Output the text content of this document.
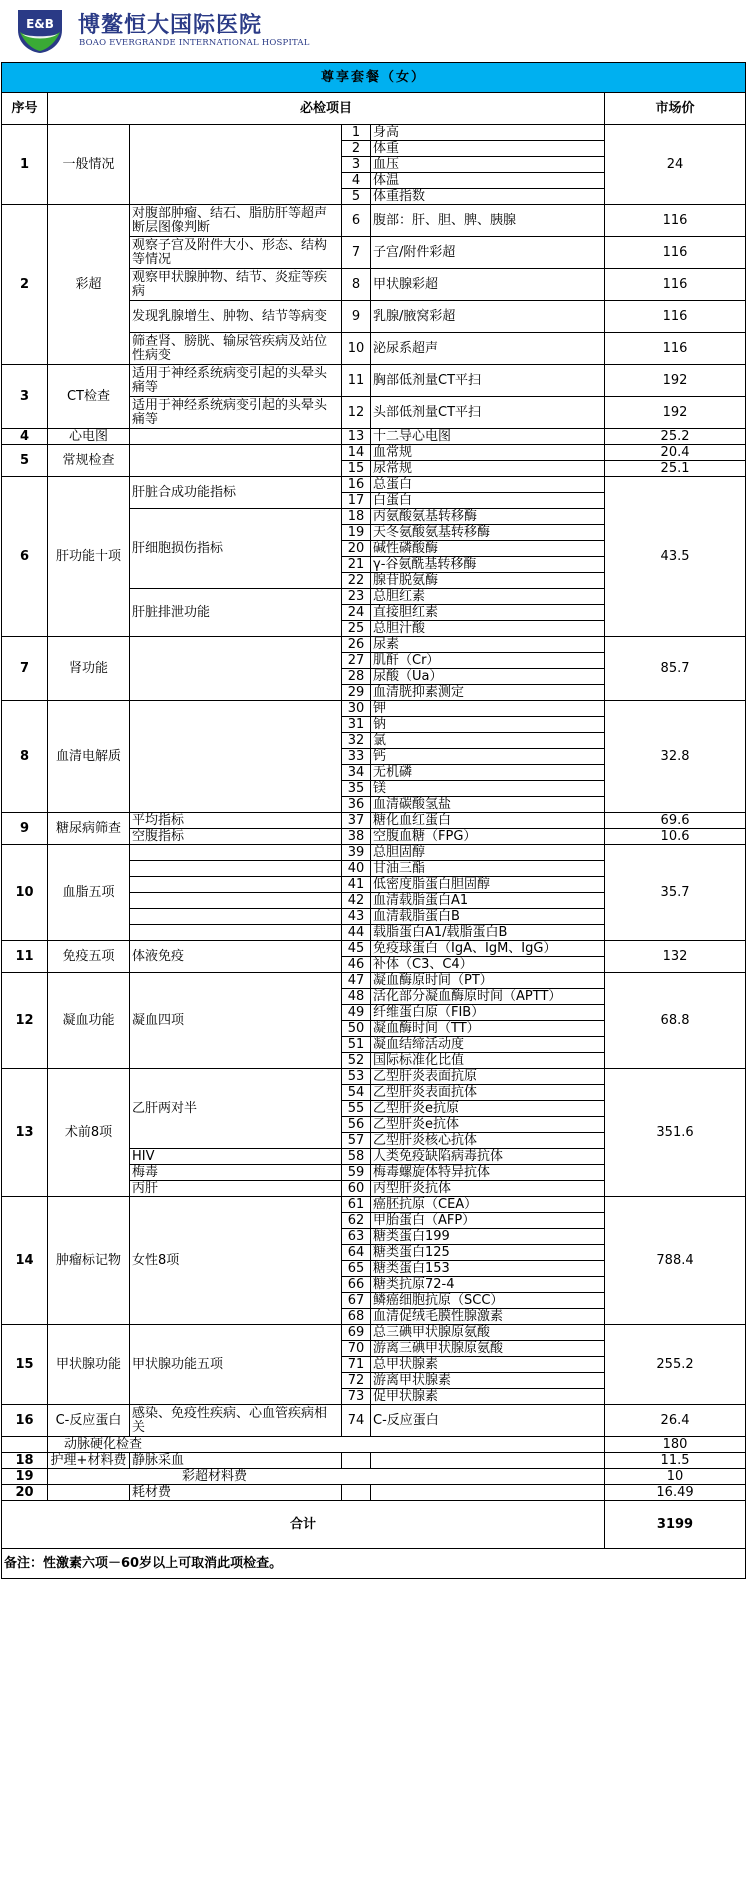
E&B 博鳌恒大国际医院
BOAO EVERGRANDE INTERNATIONAL HOSPITAL
尊享套餐（女）					
序号	必检项目				市场价
1	一般情况		1	身高	24
			2	体重	
			3	血压	
			4	体温	
			5	体重指数	
2	彩超	对腹部肿瘤、结石、脂肪肝等超声断层图像判断	6	腹部：肝、胆、脾、胰腺	116
		观察子宫及附件大小、形态、结构等情况	7	子宫/附件彩超	116
		观察甲状腺肿物、结节、炎症等疾病	8	甲状腺彩超	116
		发现乳腺增生、肿物、结节等病变	9	乳腺/腋窝彩超	116
		筛查肾、膀胱、输尿管疾病及站位性病变	10	泌尿系超声	116
3	CT检查	适用于神经系统病变引起的头晕头痛等	11	胸部低剂量CT平扫	192
		适用于神经系统病变引起的头晕头痛等	12	头部低剂量CT平扫	192
4	心电图		13	十二导心电图	25.2
5	常规检查		14	血常规	20.4
			15	尿常规	25.1
6	肝功能十项	肝脏合成功能指标	16	总蛋白	43.5
			17	白蛋白	
		肝细胞损伤指标	18	丙氨酸氨基转移酶	
			19	天冬氨酸氨基转移酶	
			20	碱性磷酸酶	
			21	γ-谷氨酰基转移酶	
			22	腺苷脱氨酶	
		肝脏排泄功能	23	总胆红素	
			24	直接胆红素	
			25	总胆汁酸	
7	肾功能		26	尿素	85.7
			27	肌酐（Cr）	
			28	尿酸（Ua）	
			29	血清胱抑素测定	
8	血清电解质		30	钾	32.8
			31	钠	
			32	氯	
			33	钙	
			34	无机磷	
			35	镁	
			36	血清碳酸氢盐	
9	糖尿病筛查	平均指标	37	糖化血红蛋白	69.6
		空腹指标	38	空腹血糖（FPG）	10.6
10	血脂五项		39	总胆固醇	35.7
			40	甘油三酯	
			41	低密度脂蛋白胆固醇	
			42	血清载脂蛋白A1	
			43	血清载脂蛋白B	
			44	载脂蛋白A1/载脂蛋白B	
11	免疫五项	体液免疫	45	免疫球蛋白（IgA、IgM、IgG）	132
			46	补体（C3、C4）	
12	凝血功能	凝血四项	47	凝血酶原时间（PT）	68.8
			48	活化部分凝血酶原时间（APTT）	
			49	纤维蛋白原（FIB）	
			50	凝血酶时间（TT）	
			51	凝血结缔活动度	
			52	国际标准化比值	
13	术前8项	乙肝两对半	53	乙型肝炎表面抗原	351.6
			54	乙型肝炎表面抗体	
			55	乙型肝炎e抗原	
			56	乙型肝炎e抗体	
			57	乙型肝炎核心抗体	
		HIV	58	人类免疫缺陷病毒抗体	
		梅毒	59	梅毒螺旋体特异抗体	
		丙肝	60	丙型肝炎抗体	
14	肿瘤标记物	女性8项	61	癌胚抗原（CEA）	788.4
			62	甲胎蛋白（AFP）	
			63	糖类蛋白199	
			64	糖类蛋白125	
			65	糖类蛋白153	
			66	糖类抗原72-4	
			67	鳞癌细胞抗原（SCC）	
			68	血清促绒毛膜性腺激素	
15	甲状腺功能	甲状腺功能五项	69	总三碘甲状腺原氨酸	255.2
			70	游离三碘甲状腺原氨酸	
			71	总甲状腺素	
			72	游离甲状腺素	
			73	促甲状腺素	
16	C-反应蛋白	感染、免疫性疾病、心血管疾病相关	74	C-反应蛋白	26.4
	动脉硬化检查				180
18	护理+材料费	静脉采血			11.5
19	彩超材料费				10
20		耗材费			16.49
合计					3199
备注：性激素六项－60岁以上可取消此项检查。					
